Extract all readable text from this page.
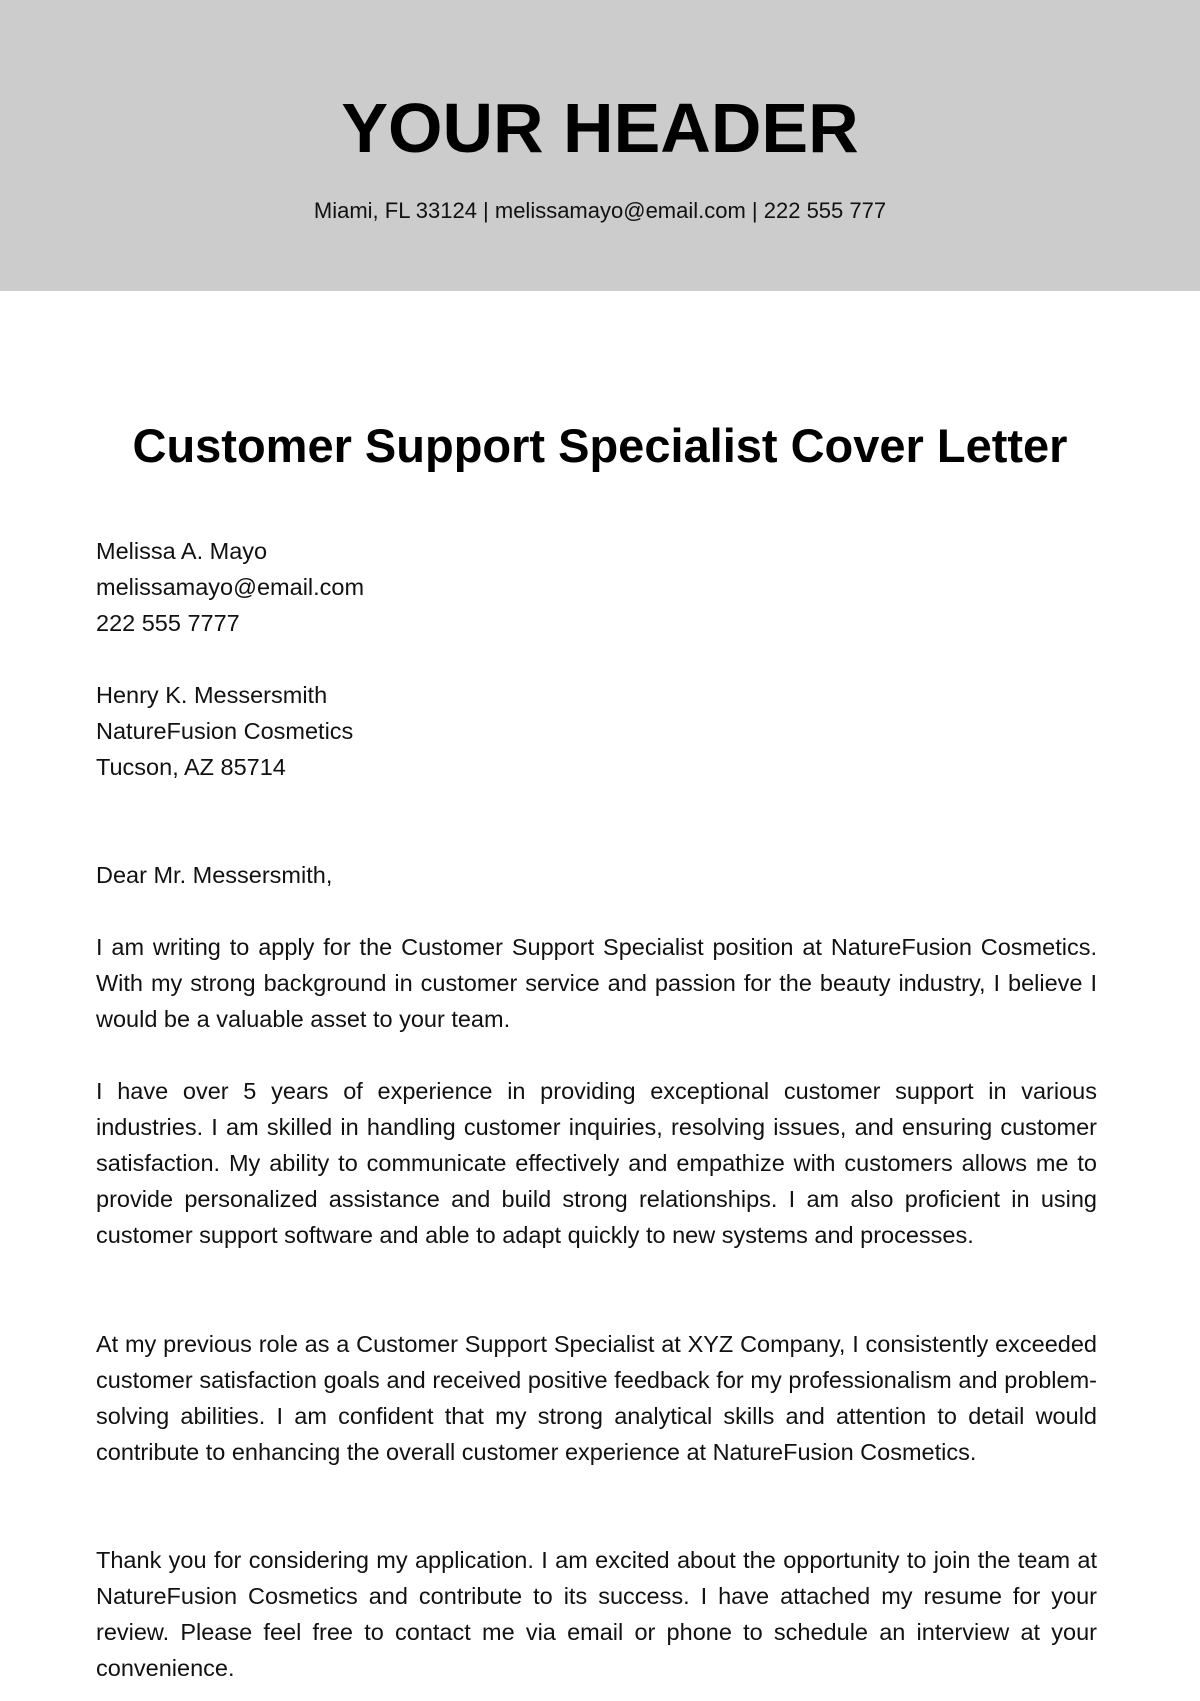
YOUR HEADER
Miami, FL 33124 | melissamayo@email.com | 222 555 777
Customer Support Specialist Cover Letter
Melissa A. Mayo
melissamayo@email.com
222 555 7777
Henry K. Messersmith
NatureFusion Cosmetics
Tucson, AZ 85714
Dear Mr. Messersmith,
I am writing to apply for the Customer Support Specialist position at NatureFusion Cosmetics. With my strong background in customer service and passion for the beauty industry, I believe I would be a valuable asset to your team.
I have over 5 years of experience in providing exceptional customer support in various industries. I am skilled in handling customer inquiries, resolving issues, and ensuring customer satisfaction. My ability to communicate effectively and empathize with customers allows me to provide personalized assistance and build strong relationships. I am also proficient in using customer support software and able to adapt quickly to new systems and processes.
At my previous role as a Customer Support Specialist at XYZ Company, I consistently exceeded customer satisfaction goals and received positive feedback for my professionalism and problem-solving abilities. I am confident that my strong analytical skills and attention to detail would contribute to enhancing the overall customer experience at NatureFusion Cosmetics.
Thank you for considering my application. I am excited about the opportunity to join the team at NatureFusion Cosmetics and contribute to its success. I have attached my resume for your review. Please feel free to contact me via email or phone to schedule an interview at your convenience.
